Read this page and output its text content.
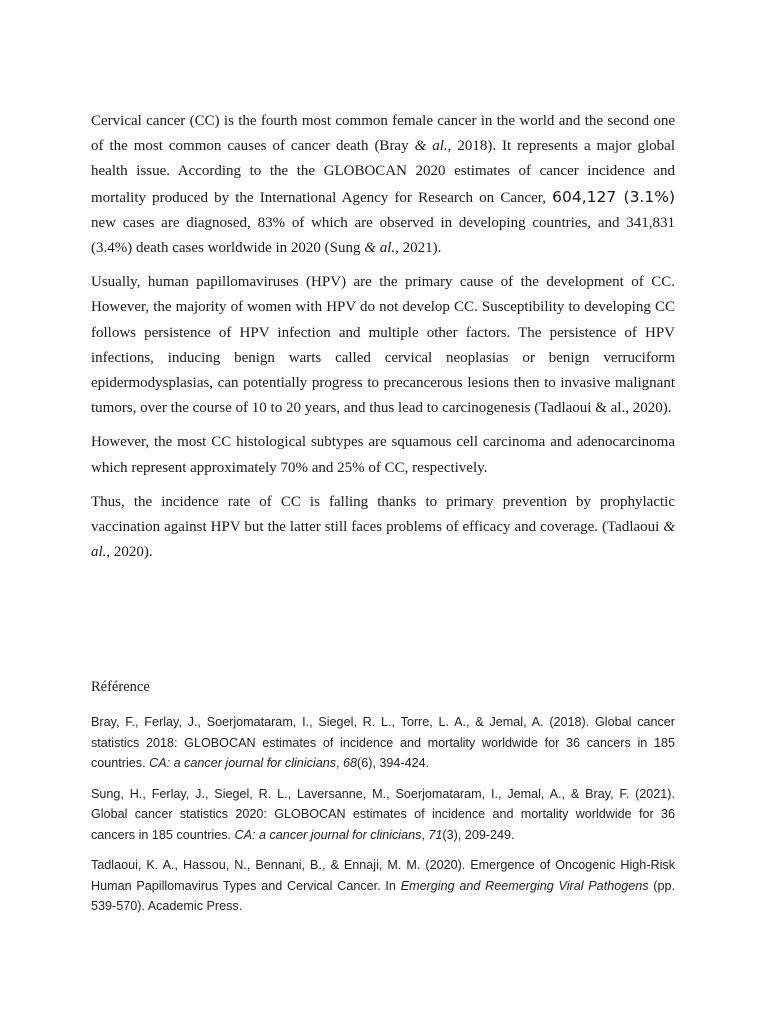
Cervical cancer (CC) is the fourth most common female cancer in the world and the second one of the most common causes of cancer death (Bray & al., 2018). It represents a major global health issue. According to the the GLOBOCAN 2020 estimates of cancer incidence and mortality produced by the International Agency for Research on Cancer, 604,127 (3.1%) new cases are diagnosed, 83% of which are observed in developing countries, and 341,831 (3.4%) death cases worldwide in 2020 (Sung & al., 2021).

Usually, human papillomaviruses (HPV) are the primary cause of the development of CC. However, the majority of women with HPV do not develop CC. Susceptibility to developing CC follows persistence of HPV infection and multiple other factors. The persistence of HPV infections, inducing benign warts called cervical neoplasias or benign verruciform epidermodysplasias, can potentially progress to precancerous lesions then to invasive malignant tumors, over the course of 10 to 20 years, and thus lead to carcinogenesis (Tadlaoui & al., 2020).

However, the most CC histological subtypes are squamous cell carcinoma and adenocarcinoma which represent approximately 70% and 25% of CC, respectively.

Thus, the incidence rate of CC is falling thanks to primary prevention by prophylactic vaccination against HPV but the latter still faces problems of efficacy and coverage. (Tadlaoui & al., 2020).

Référence

Bray, F., Ferlay, J., Soerjomataram, I., Siegel, R. L., Torre, L. A., & Jemal, A. (2018). Global cancer statistics 2018: GLOBOCAN estimates of incidence and mortality worldwide for 36 cancers in 185 countries. CA: a cancer journal for clinicians, 68(6), 394-424.

Sung, H., Ferlay, J., Siegel, R. L., Laversanne, M., Soerjomataram, I., Jemal, A., & Bray, F. (2021). Global cancer statistics 2020: GLOBOCAN estimates of incidence and mortality worldwide for 36 cancers in 185 countries. CA: a cancer journal for clinicians, 71(3), 209-249.

Tadlaoui, K. A., Hassou, N., Bennani, B., & Ennaji, M. M. (2020). Emergence of Oncogenic High-Risk Human Papillomavirus Types and Cervical Cancer. In Emerging and Reemerging Viral Pathogens (pp. 539-570). Academic Press.
